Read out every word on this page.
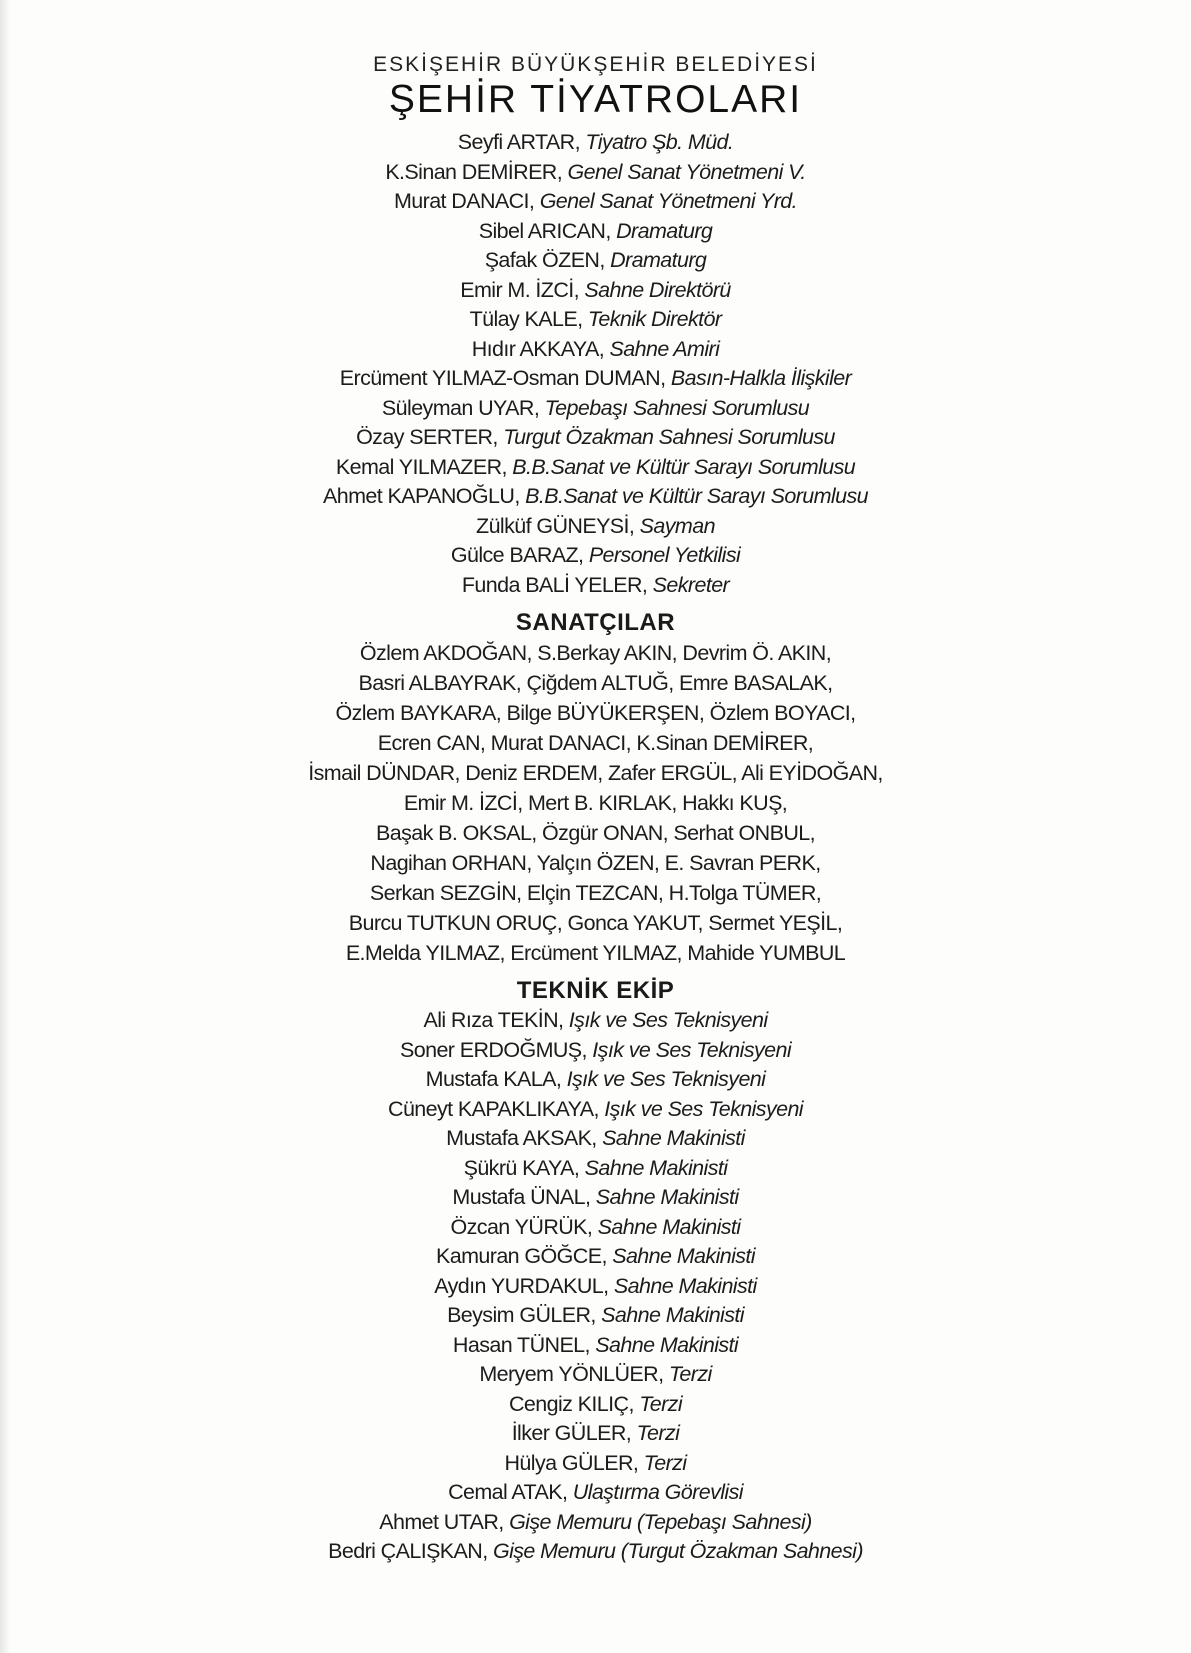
ESKİŞEHİR BÜYÜKŞEHİR BELEDİYESİ
ŞEHİR TİYATROLARI

Seyfi ARTAR, Tiyatro Şb. Müd.

K.Sinan DEMİRER, Genel Sanat Yönetmeni V.

Murat DANACI, Genel Sanat Yönetmeni Yrd.

Sibel ARICAN, Dramaturg

Şafak ÖZEN, Dramaturg

Emir M. İZCİ, Sahne Direktörü

Tülay KALE, Teknik Direktör

Hıdır AKKAYA, Sahne Amiri

Ercüment YILMAZ-Osman DUMAN, Basın-Halkla İlişkiler

Süleyman UYAR, Tepebaşı Sahnesi Sorumlusu

Özay SERTER, Turgut Özakman Sahnesi Sorumlusu

Kemal YILMAZER, B.B.Sanat ve Kültür Sarayı Sorumlusu

Ahmet KAPANOĞLU, B.B.Sanat ve Kültür Sarayı Sorumlusu

Zülküf GÜNEYSİ, Sayman

Gülce BARAZ, Personel Yetkilisi

Funda BALİ YELER, Sekreter

SANATÇILAR

Özlem AKDOĞAN, S.Berkay AKIN, Devrim Ö. AKIN,

Basri ALBAYRAK, Çiğdem ALTUĞ, Emre BASALAK,

Özlem BAYKARA, Bilge BÜYÜKERŞEN, Özlem BOYACI,

Ecren CAN, Murat DANACI, K.Sinan DEMİRER,

İsmail DÜNDAR, Deniz ERDEM, Zafer ERGÜL, Ali EYİDOĞAN,

Emir M. İZCİ, Mert B. KIRLAK, Hakkı KUŞ,

Başak B. OKSAL, Özgür ONAN, Serhat ONBUL,

Nagihan ORHAN, Yalçın ÖZEN, E. Savran PERK,

Serkan SEZGİN, Elçin TEZCAN, H.Tolga TÜMER,

Burcu TUTKUN ORUÇ, Gonca YAKUT, Sermet YEŞİL,

E.Melda YILMAZ, Ercüment YILMAZ, Mahide YUMBUL

TEKNİK EKİP

Ali Rıza TEKİN, Işık ve Ses Teknisyeni

Soner ERDOĞMUŞ, Işık ve Ses Teknisyeni

Mustafa KALA, Işık ve Ses Teknisyeni

Cüneyt KAPAKLIKAYA, Işık ve Ses Teknisyeni

Mustafa AKSAK, Sahne Makinisti

Şükrü KAYA, Sahne Makinisti

Mustafa ÜNAL, Sahne Makinisti

Özcan YÜRÜK, Sahne Makinisti

Kamuran GÖĞCE, Sahne Makinisti

Aydın YURDAKUL, Sahne Makinisti

Beysim GÜLER, Sahne Makinisti

Hasan TÜNEL, Sahne Makinisti

Meryem YÖNLÜER, Terzi

Cengiz KILIÇ, Terzi

İlker GÜLER, Terzi

Hülya GÜLER, Terzi

Cemal ATAK, Ulaştırma Görevlisi

Ahmet UTAR, Gişe Memuru (Tepebaşı Sahnesi)

Bedri ÇALIŞKAN, Gişe Memuru (Turgut Özakman Sahnesi)
